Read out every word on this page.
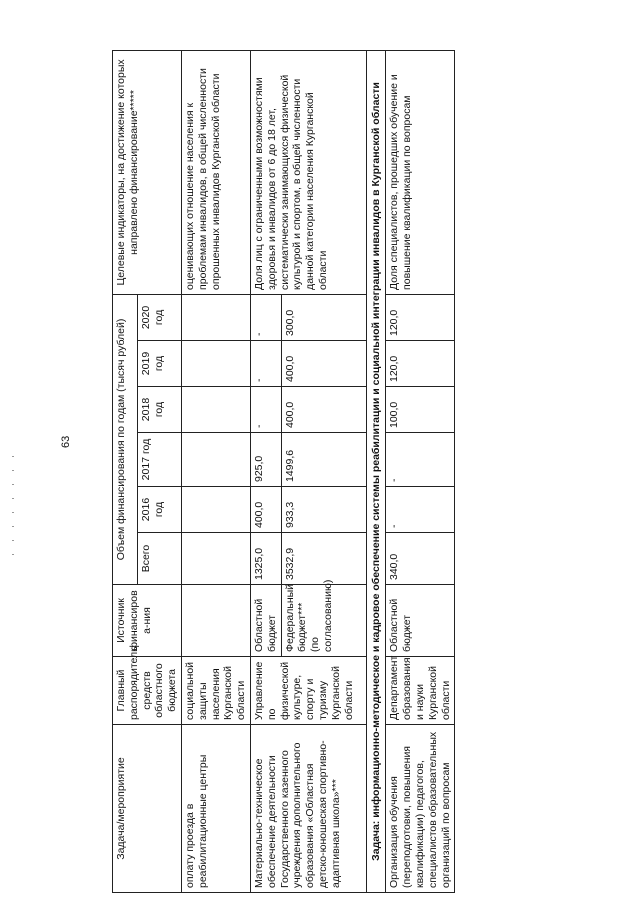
63
Задача/мероприятие	Главный распорядитель средств областного бюджета	Источник финансирова-ния	Объем финансирования по годам (тысяч рублей)						Целевые индикаторы, на достижение которых направлено финансирование*****
			Всего	2016 год	2017 год	2018 год	2019 год	2020 год	
оплату проезда в реабилитационные центры	социальной защиты населения Курганской области								оценивающих отношение населения к проблемам инвалидов, в общей численности опрошенных инвалидов Курганской области
Материально-техническое обеспечение деятельности Государственного казенного учреждения дополнительного образования «Областная детско-юношеская спортивно-адаптивная школа»***	Управление по физической культуре, спорту и туризму Курганской области	Областной бюджет	1325,0	400,0	925,0	-	-	-	Доля лиц с ограниченными возможностями здоровья и инвалидов от 6 до 18 лет, систематически занимающихся физической культурой и спортом, в общей численности данной категории населения Курганской области
		Федеральный бюджет*** (по согласованию)	3532,9	933,3	1499,6	400,0	400,0	300,0	
Задача: информационно-методическое и кадровое обеспечение системы реабилитации и социальной интеграции инвалидов в Курганской области									
Организация обучения (переподготовки, повышения квалификации) педагогов, специалистов образовательных организаций по вопросам	Департамент образования и науки Курганской области	Областной бюджет	340,0	-	-	100,0	120,0	120,0	Доля специалистов, прошедших обучение и повышение квалификации по вопросам
